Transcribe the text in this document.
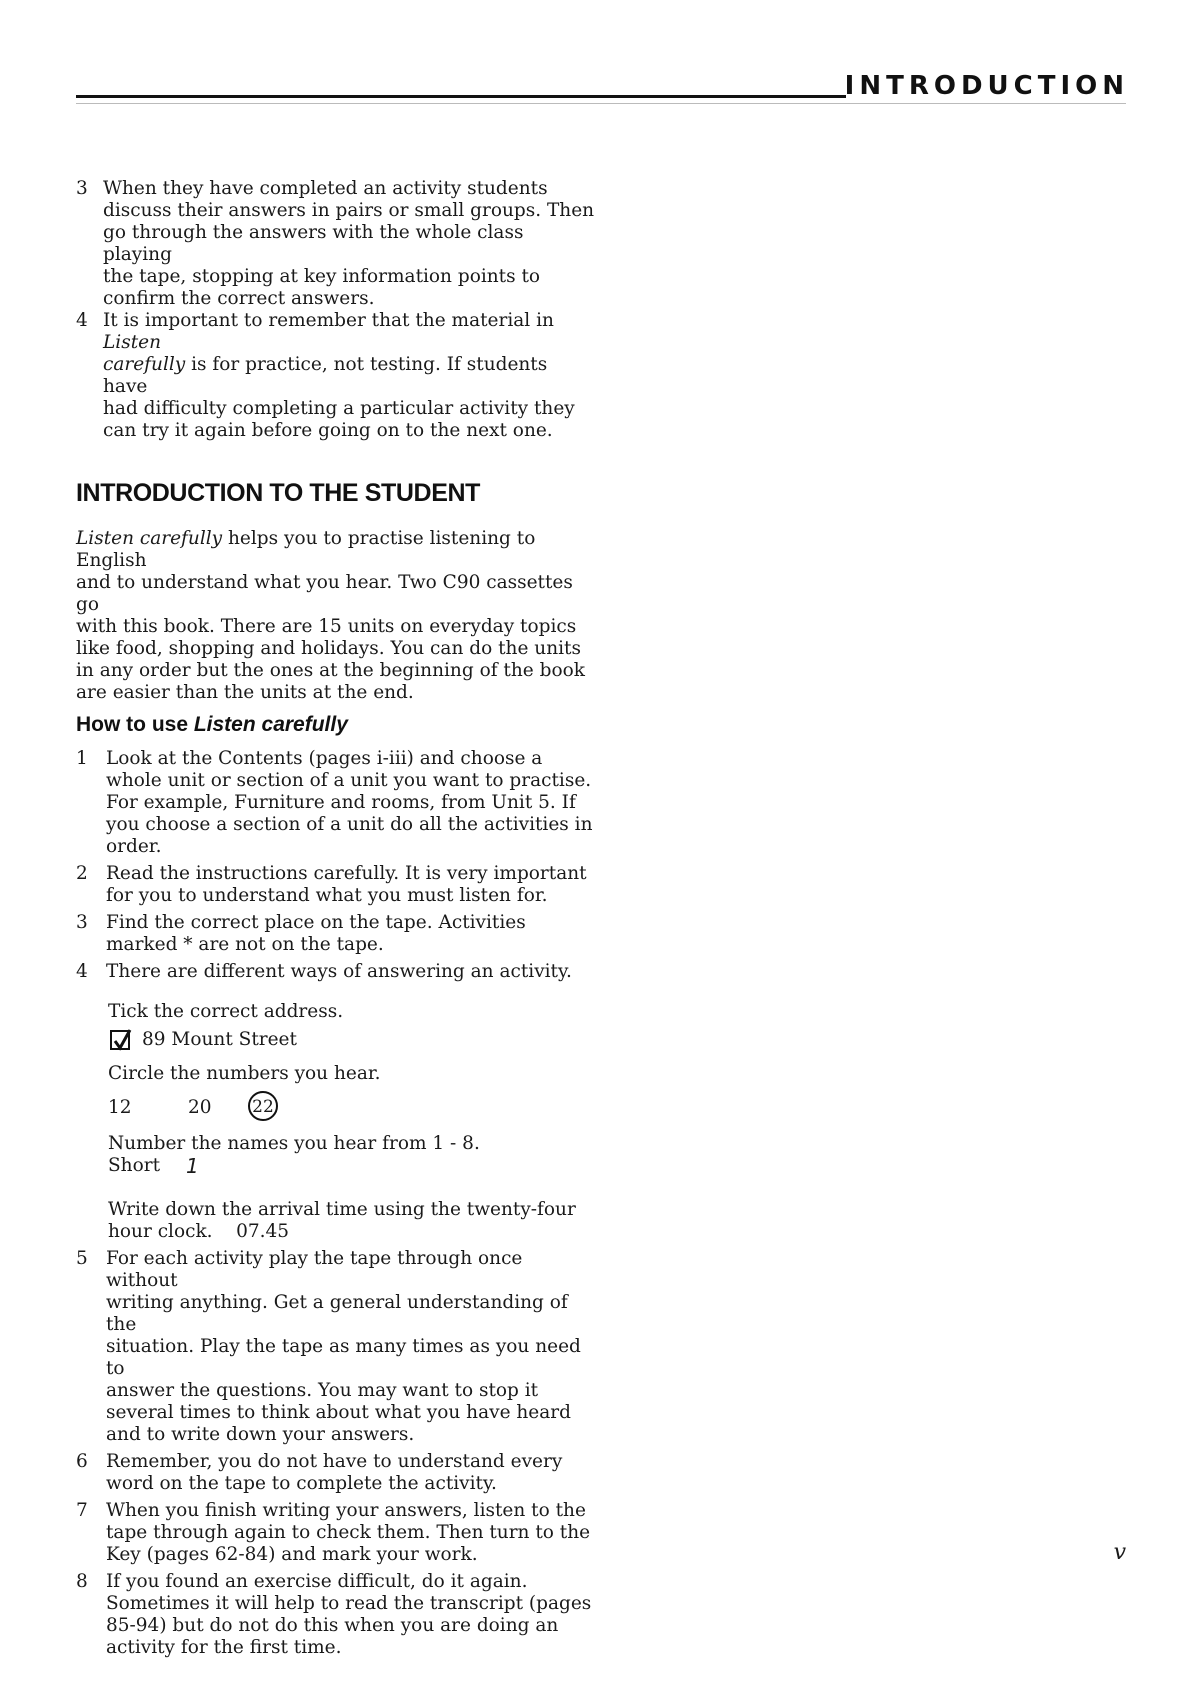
INTRODUCTION
3 When they have completed an activity students
discuss their answers in pairs or small groups. Then
go through the answers with the whole class playing
the tape, stopping at key information points to
confirm the correct answers.
4 It is important to remember that the material in Listen
carefully is for practice, not testing. If students have
had difficulty completing a particular activity they
can try it again before going on to the next one.
INTRODUCTION TO THE STUDENT
Listen carefully helps you to practise listening to English
and to understand what you hear. Two C90 cassettes go
with this book. There are 15 units on everyday topics
like food, shopping and holidays. You can do the units
in any order but the ones at the beginning of the book
are easier than the units at the end.
How to use Listen carefully
1 Look at the Contents (pages i-iii) and choose a
whole unit or section of a unit you want to practise.
For example, Furniture and rooms, from Unit 5. If
you choose a section of a unit do all the activities in
order.
2 Read the instructions carefully. It is very important
for you to understand what you must listen for.
3 Find the correct place on the tape. Activities
marked * are not on the tape.
4 There are different ways of answering an activity.
Tick the correct address.
89 Mount Street
Circle the numbers you hear.
12	20	22
Number the names you hear from 1 - 8.
Short	1
Write down the arrival time using the twenty-four
hour clock.    07.45
5 For each activity play the tape through once without
writing anything. Get a general understanding of the
situation. Play the tape as many times as you need to
answer the questions. You may want to stop it
several times to think about what you have heard
and to write down your answers.
6 Remember, you do not have to understand every
word on the tape to complete the activity.
7 When you finish writing your answers, listen to the
tape through again to check them. Then turn to the
Key (pages 62-84) and mark your work.
8 If you found an exercise difficult, do it again.
Sometimes it will help to read the transcript (pages
85-94) but do not do this when you are doing an
activity for the first time.

v
